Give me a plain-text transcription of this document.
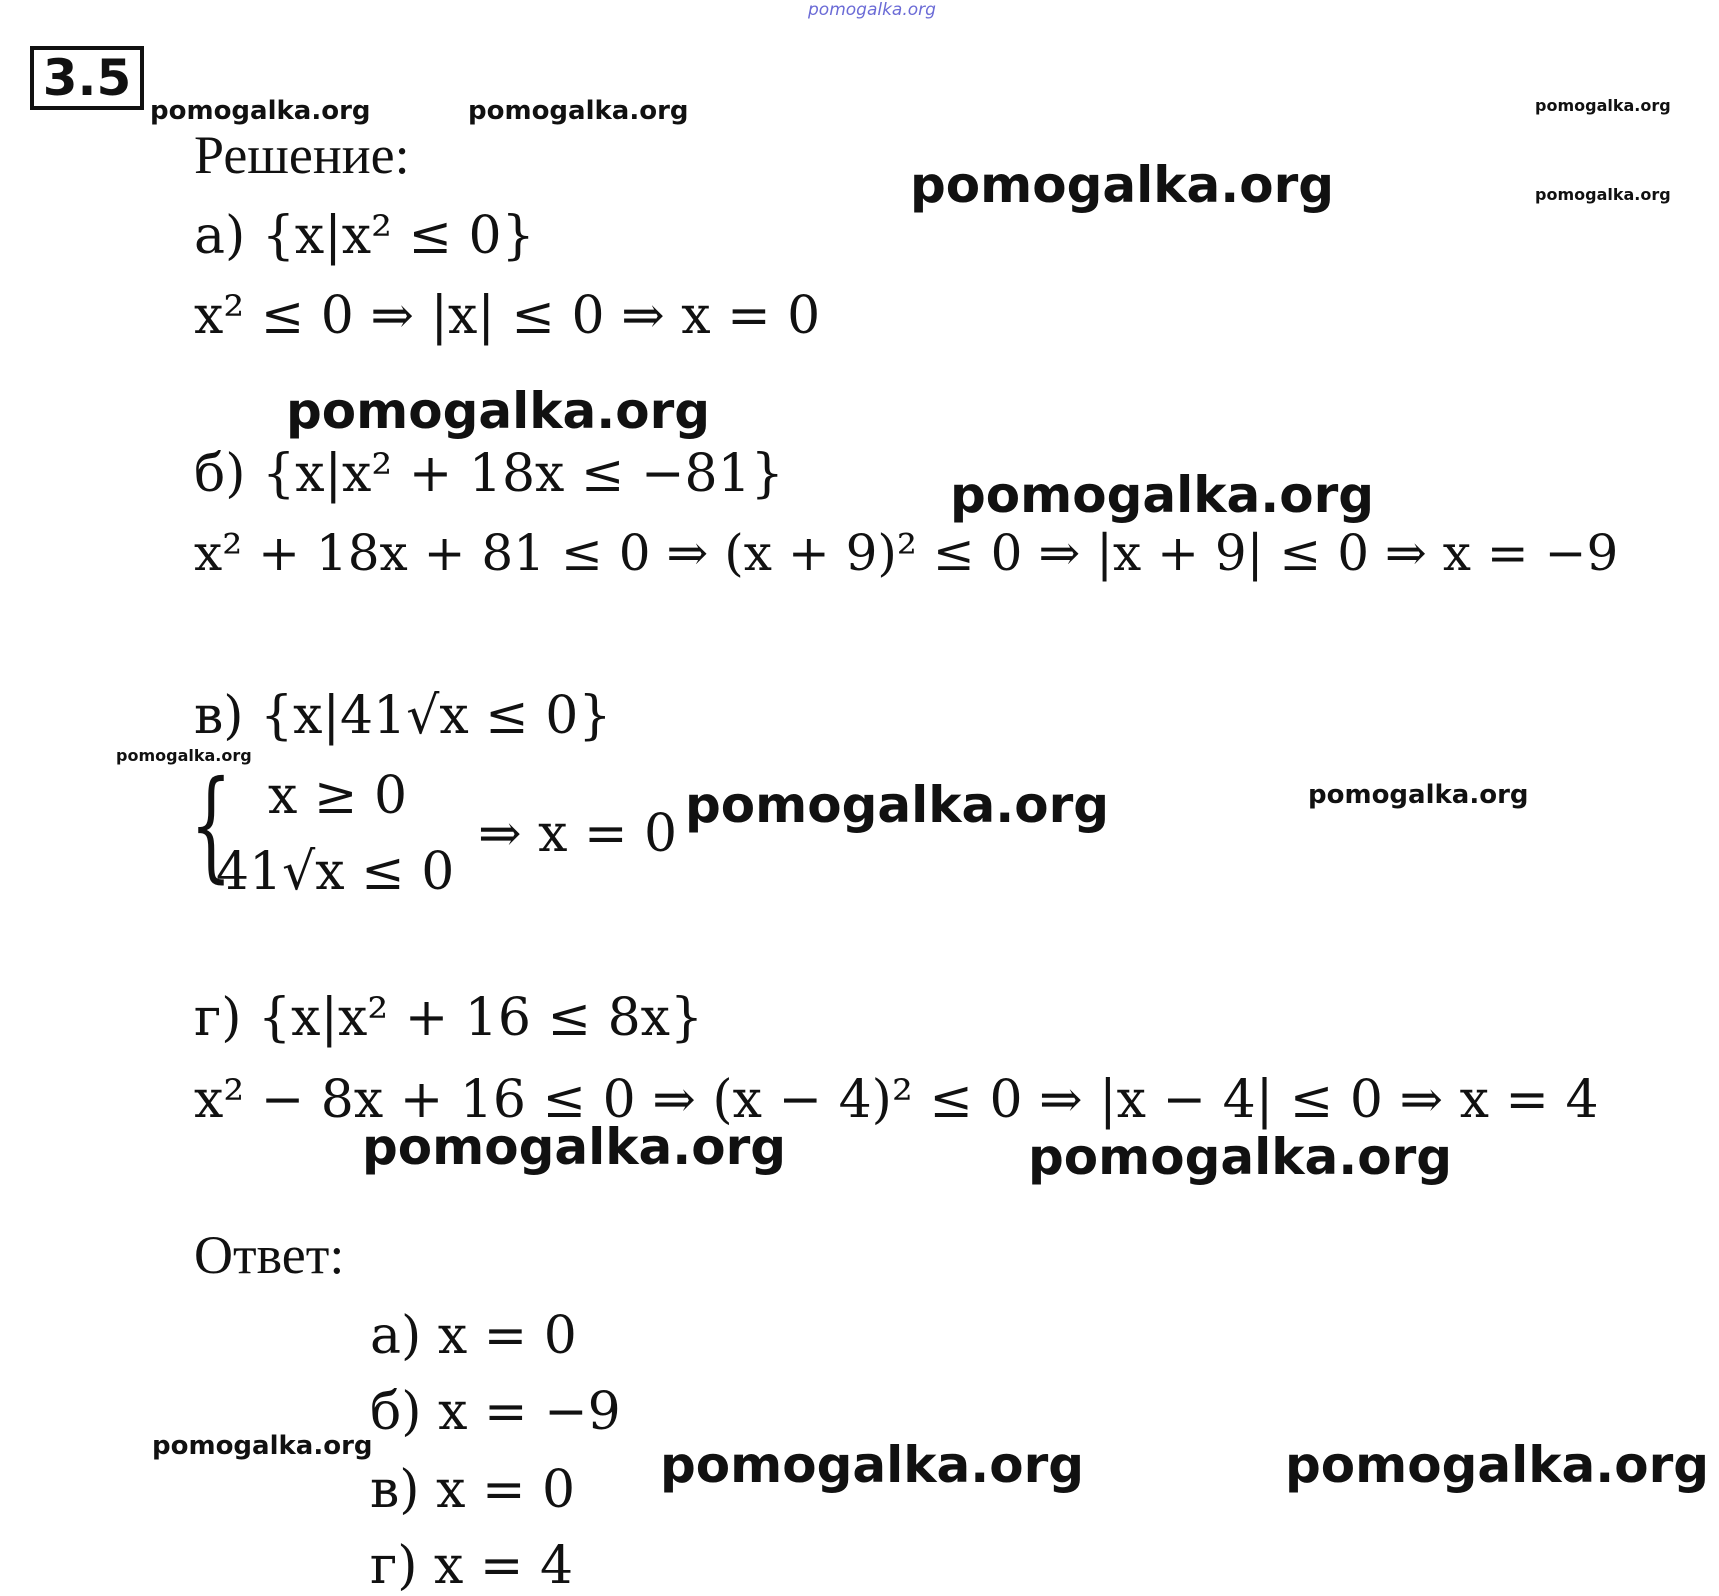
pomogalka.org
3.5
pomogalka.org	pomogalka.org	pomogalka.org
pomogalka.org	pomogalka.org
pomogalka.org
pomogalka.org
pomogalka.org
pomogalka.org	pomogalka.org
pomogalka.org	pomogalka.org
pomogalka.org	pomogalka.org	pomogalka.org
Решение:
а) {x|x² ≤ 0}
x² ≤ 0 ⇒ |x| ≤ 0 ⇒ x = 0
б) {x|x² + 18x ≤ −81}
x² + 18x + 81 ≤ 0 ⇒ (x + 9)² ≤ 0 ⇒ |x + 9| ≤ 0 ⇒ x = −9
в) {x|41√x ≤ 0}
{ x ≥ 0
41√x ≤ 0
⇒ x = 0
г) {x|x² + 16 ≤ 8x}
x² − 8x + 16 ≤ 0 ⇒ (x − 4)² ≤ 0 ⇒ |x − 4| ≤ 0 ⇒ x = 4
Ответ:
а) x = 0
б) x = −9
в) x = 0
г) x = 4
